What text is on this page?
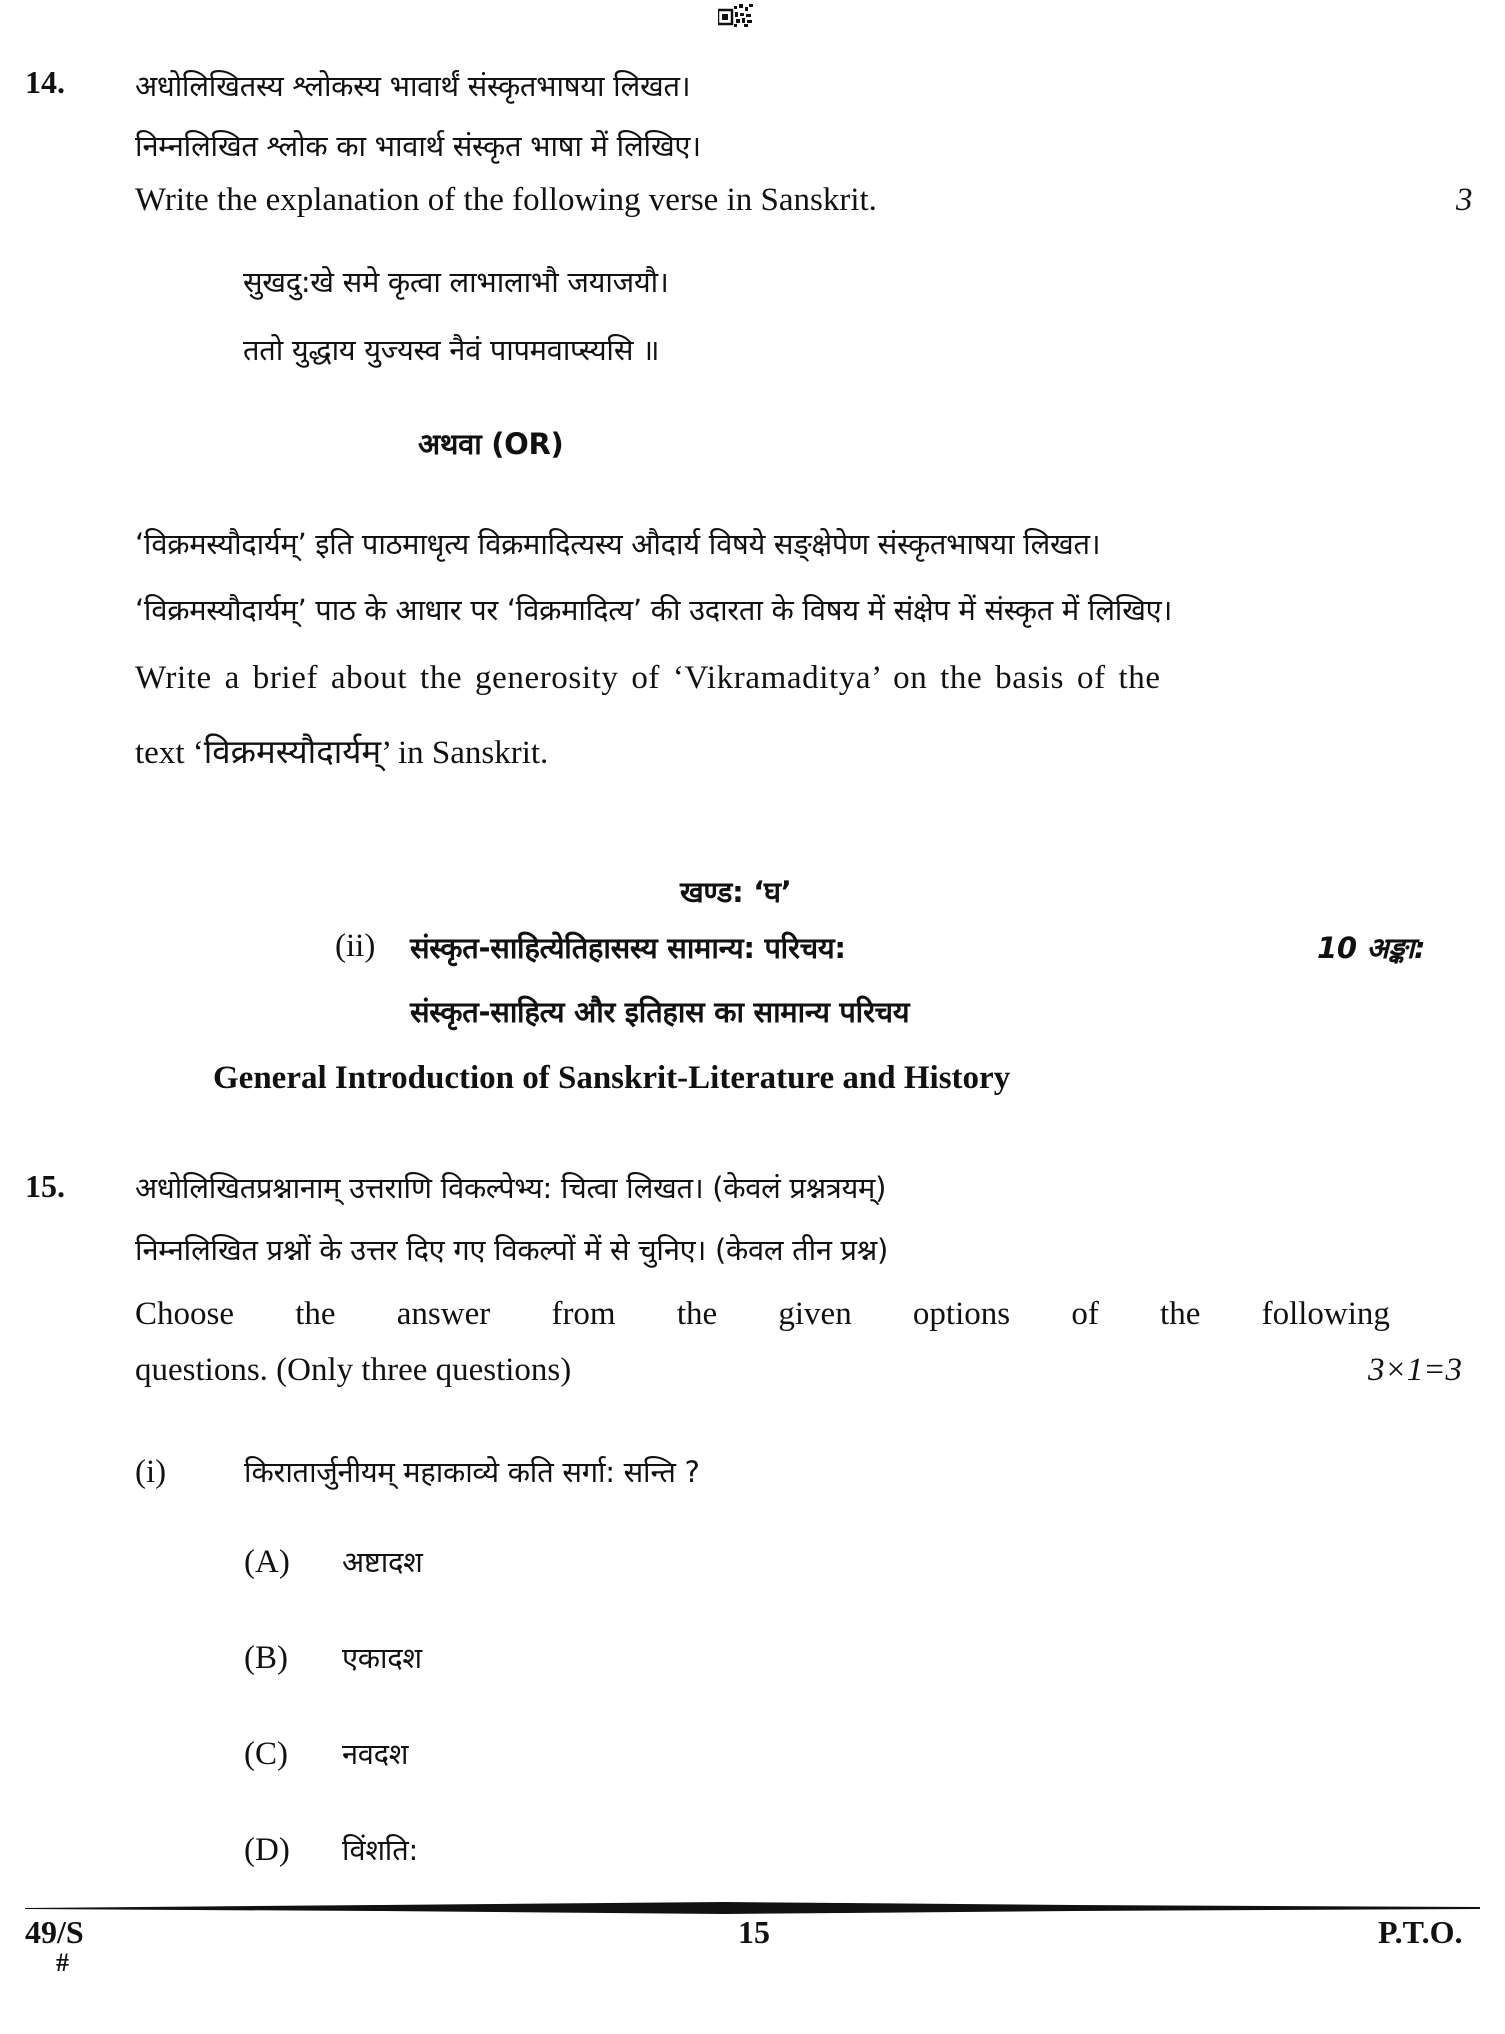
14. अधोलिखितस्य श्लोकस्य भावार्थं संस्कृतभाषया लिखत।
निम्नलिखित श्लोक का भावार्थ संस्कृत भाषा में लिखिए।
Write the explanation of the following verse in Sanskrit.	3
सुखदु:खे समे कृत्वा लाभालाभौ जयाजयौ।
ततो युद्धाय युज्यस्व नैवं पापमवाप्स्यसि ॥
अथवा (OR)
‘विक्रमस्यौदार्यम्’ इति पाठमाधृत्य विक्रमादित्यस्य औदार्य विषये सङ्क्षेपेण संस्कृतभाषया लिखत।
‘विक्रमस्यौदार्यम्’ पाठ के आधार पर ‘विक्रमादित्य’ की उदारता के विषय में संक्षेप में संस्कृत में लिखिए।
Write a brief about the generosity of ‘Vikramaditya’ on the basis of the
text ‘विक्रमस्यौदार्यम्’ in Sanskrit.
खण्ड: ‘घ’
(ii) संस्कृत-साहित्येतिहासस्य सामान्य: परिचय:	10 अङ्का:
संस्कृत-साहित्य और इतिहास का सामान्य परिचय
General Introduction of Sanskrit-Literature and History
15. अधोलिखितप्रश्नानाम् उत्तराणि विकल्पेभ्य: चित्वा लिखत। (केवलं प्रश्नत्रयम्)
निम्नलिखित प्रश्नों के उत्तर दिए गए विकल्पों में से चुनिए। (केवल तीन प्रश्न)
Choose the answer from the given options of the following
questions. (Only three questions)	3×1=3
(i)	किरातार्जुनीयम् महाकाव्ये कति सर्गा: सन्ति ?
(A) अष्टादश
(B) एकादश
(C) नवदश
(D) विंशति:
49/S
#
15	P.T.O.
